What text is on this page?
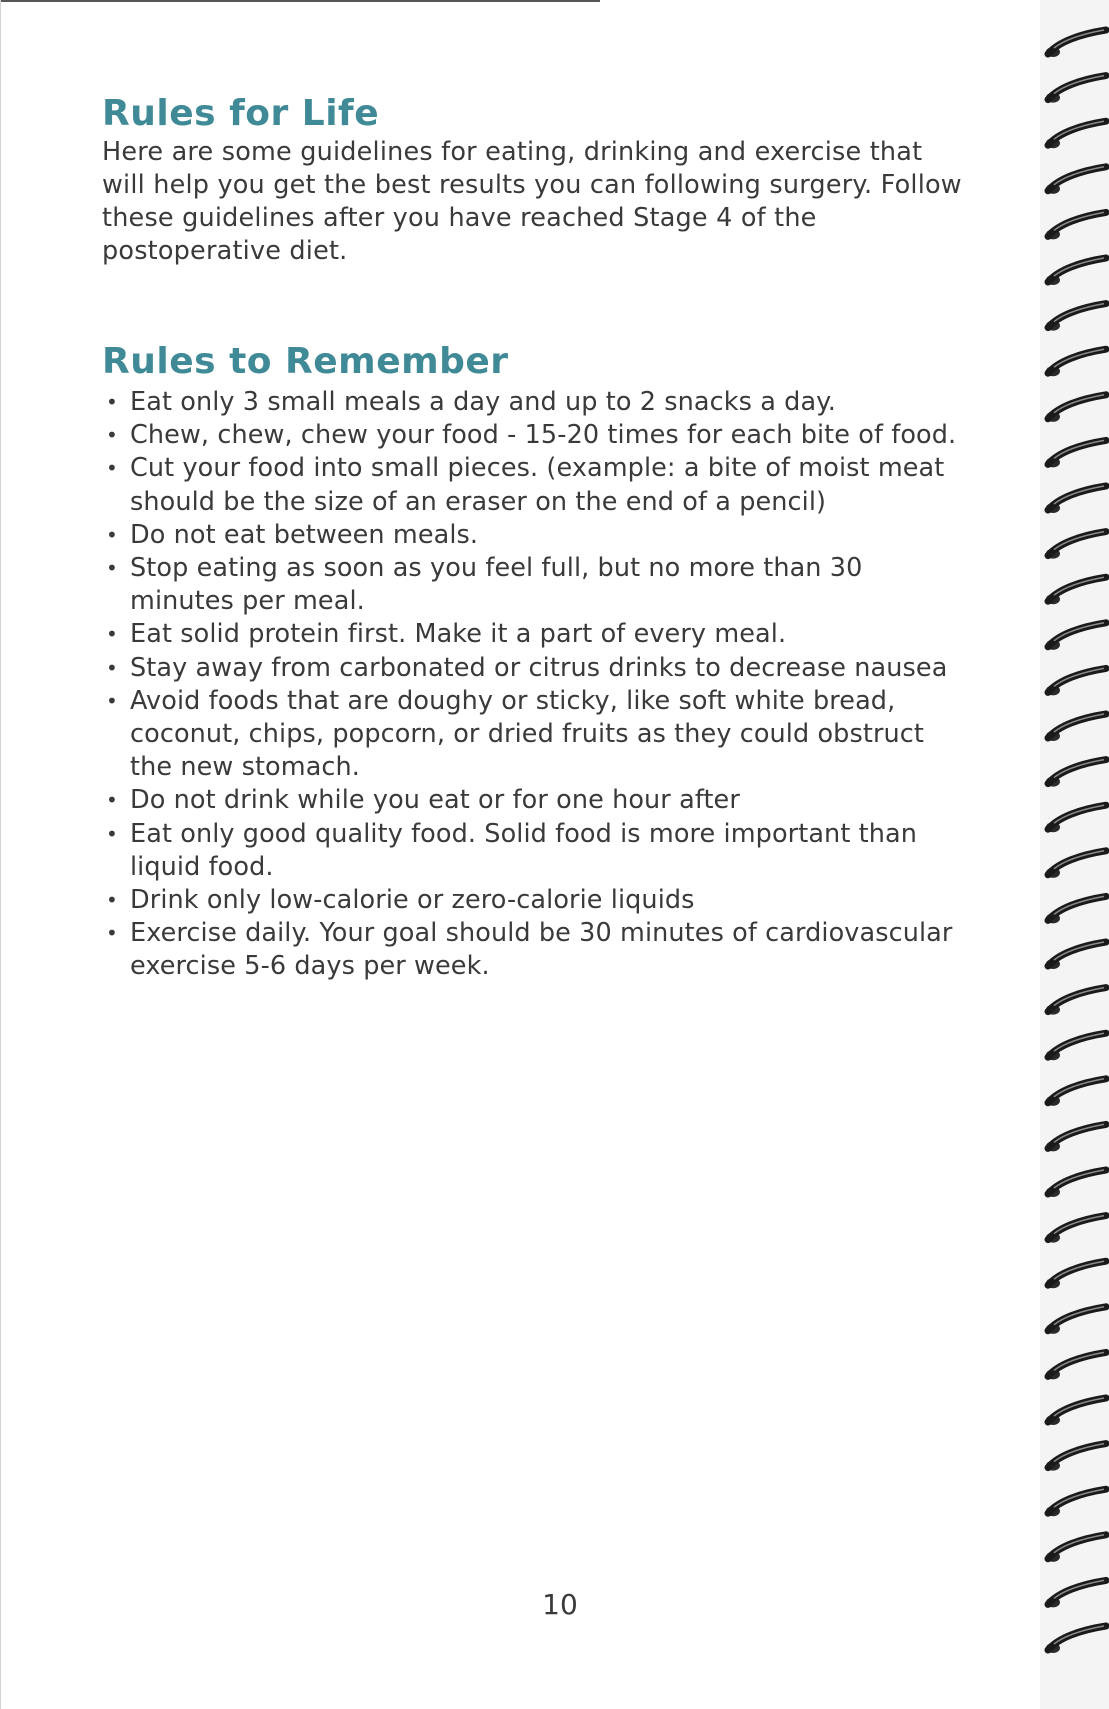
Rules for Life

Here are some guidelines for eating, drinking and exercise that will help you get the best results you can following surgery. Follow these guidelines after you have reached Stage 4 of the postoperative diet.

Rules to Remember
• Eat only 3 small meals a day and up to 2 snacks a day.
• Chew, chew, chew your food - 15-20 times for each bite of food.
• Cut your food into small pieces. (example: a bite of moist meat should be the size of an eraser on the end of a pencil)
• Do not eat between meals.
• Stop eating as soon as you feel full, but no more than 30 minutes per meal.
• Eat solid protein first. Make it a part of every meal.
• Stay away from carbonated or citrus drinks to decrease nausea
• Avoid foods that are doughy or sticky, like soft white bread, coconut, chips, popcorn, or dried fruits as they could obstruct the new stomach.
• Do not drink while you eat or for one hour after
• Eat only good quality food. Solid food is more important than liquid food.
• Drink only low-calorie or zero-calorie liquids
• Exercise daily. Your goal should be 30 minutes of cardiovascular exercise 5-6 days per week.
10
